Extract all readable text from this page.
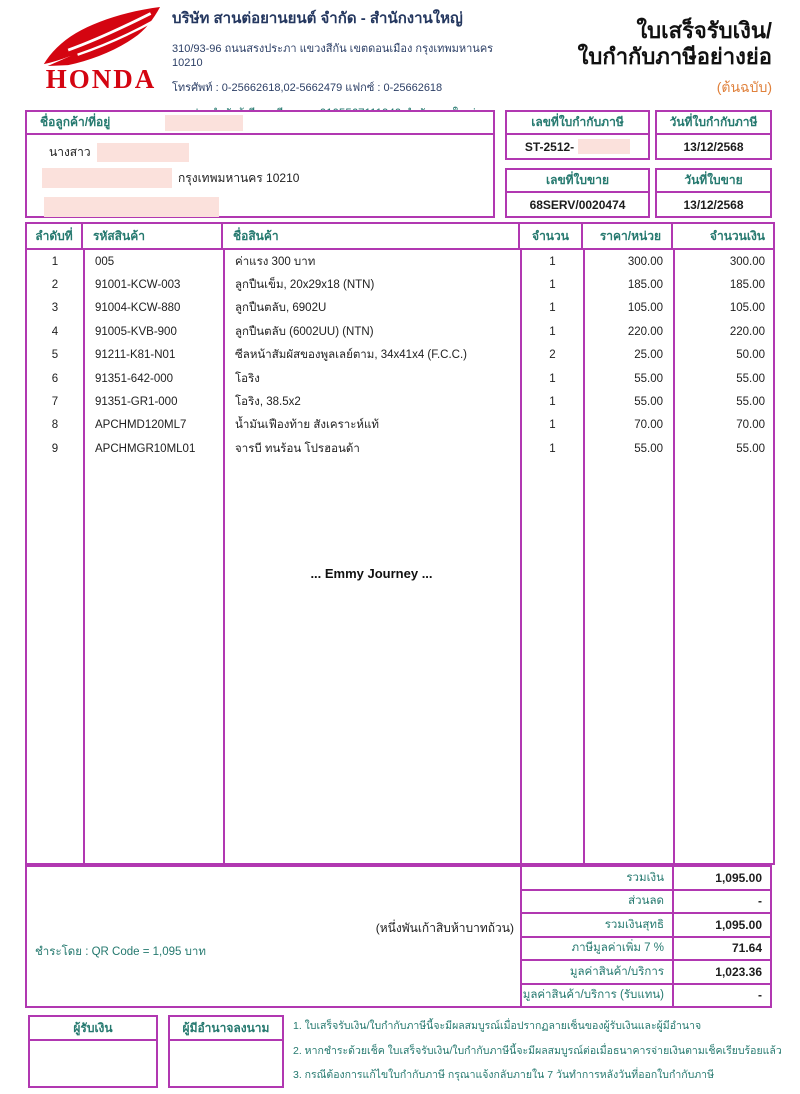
HONDA
บริษัท สานต่อยานยนต์ จำกัด - สำนักงานใหญ่
310/93-96 ถนนสรงประภา แขวงสีกัน เขตดอนเมือง กรุงเทพมหานคร 10210
โทรศัพท์ : 0-25662618,02-5662479 แฟกซ์ : 0-25662618
ใบเสร็จรับเงิน/
ใบกำกับภาษีอย่างย่อ
(ต้นฉบับ)
ชื่อลูกค้า/ที่อยู่
นางสาว
กรุงเทพมหานคร 10210
เลขที่ใบกำกับภาษี
ST-2512-
วันที่ใบกำกับภาษี
13/12/2568
เลขที่ใบขาย
68SERV/0020474
วันที่ใบขาย
13/12/2568
ลำดับที่	รหัสสินค้า	ชื่อสินค้า	จำนวน	ราคา/หน่วย	จำนวนเงิน
1	005	ค่าแรง 300 บาท	1	300.00	300.00
2	91001-KCW-003	ลูกปืนเข็ม, 20x29x18 (NTN)	1	185.00	185.00
3	91004-KCW-880	ลูกปืนตลับ, 6902U	1	105.00	105.00
4	91005-KVB-900	ลูกปืนตลับ (6002UU) (NTN)	1	220.00	220.00
5	91211-K81-N01	ซีลหน้าสัมผัสของพูลเลย์ตาม, 34x41x4 (F.C.C.)	2	25.00	50.00
6	91351-642-000	โอริง	1	55.00	55.00
7	91351-GR1-000	โอริง, 38.5x2	1	55.00	55.00
8	APCHMD120ML7	น้ำมันเฟืองท้าย สังเคราะห์แท้	1	70.00	70.00
9	APCHMGR10ML01	จารบี ทนร้อน โปรฮอนด้า	1	55.00	55.00
... Emmy Journey ...
(หนึ่งพันเก้าสิบห้าบาทถ้วน)
ชำระโดย : QR Code = 1,095 บาท
รวมเงิน	1,095.00
ส่วนลด	-
รวมเงินสุทธิ	1,095.00
ภาษีมูลค่าเพิ่ม 7 %	71.64
มูลค่าสินค้า/บริการ	1,023.36
มูลค่าสินค้า/บริการ (รับแทน)	-
ผู้รับเงิน	ผู้มีอำนาจลงนาม	1. ใบเสร็จรับเงิน/ใบกำกับภาษีนี้จะมีผลสมบูรณ์เมื่อปรากฏลายเซ็นของผู้รับเงินและผู้มีอำนาจ
2. หากชำระด้วยเช็ค ใบเสร็จรับเงิน/ใบกำกับภาษีนี้จะมีผลสมบูรณ์ต่อเมื่อธนาคารจ่ายเงินตามเช็คเรียบร้อยแล้ว
3. กรณีต้องการแก้ไขใบกำกับภาษี กรุณาแจ้งกลับภายใน 7 วันทำการหลังวันที่ออกใบกำกับภาษี
